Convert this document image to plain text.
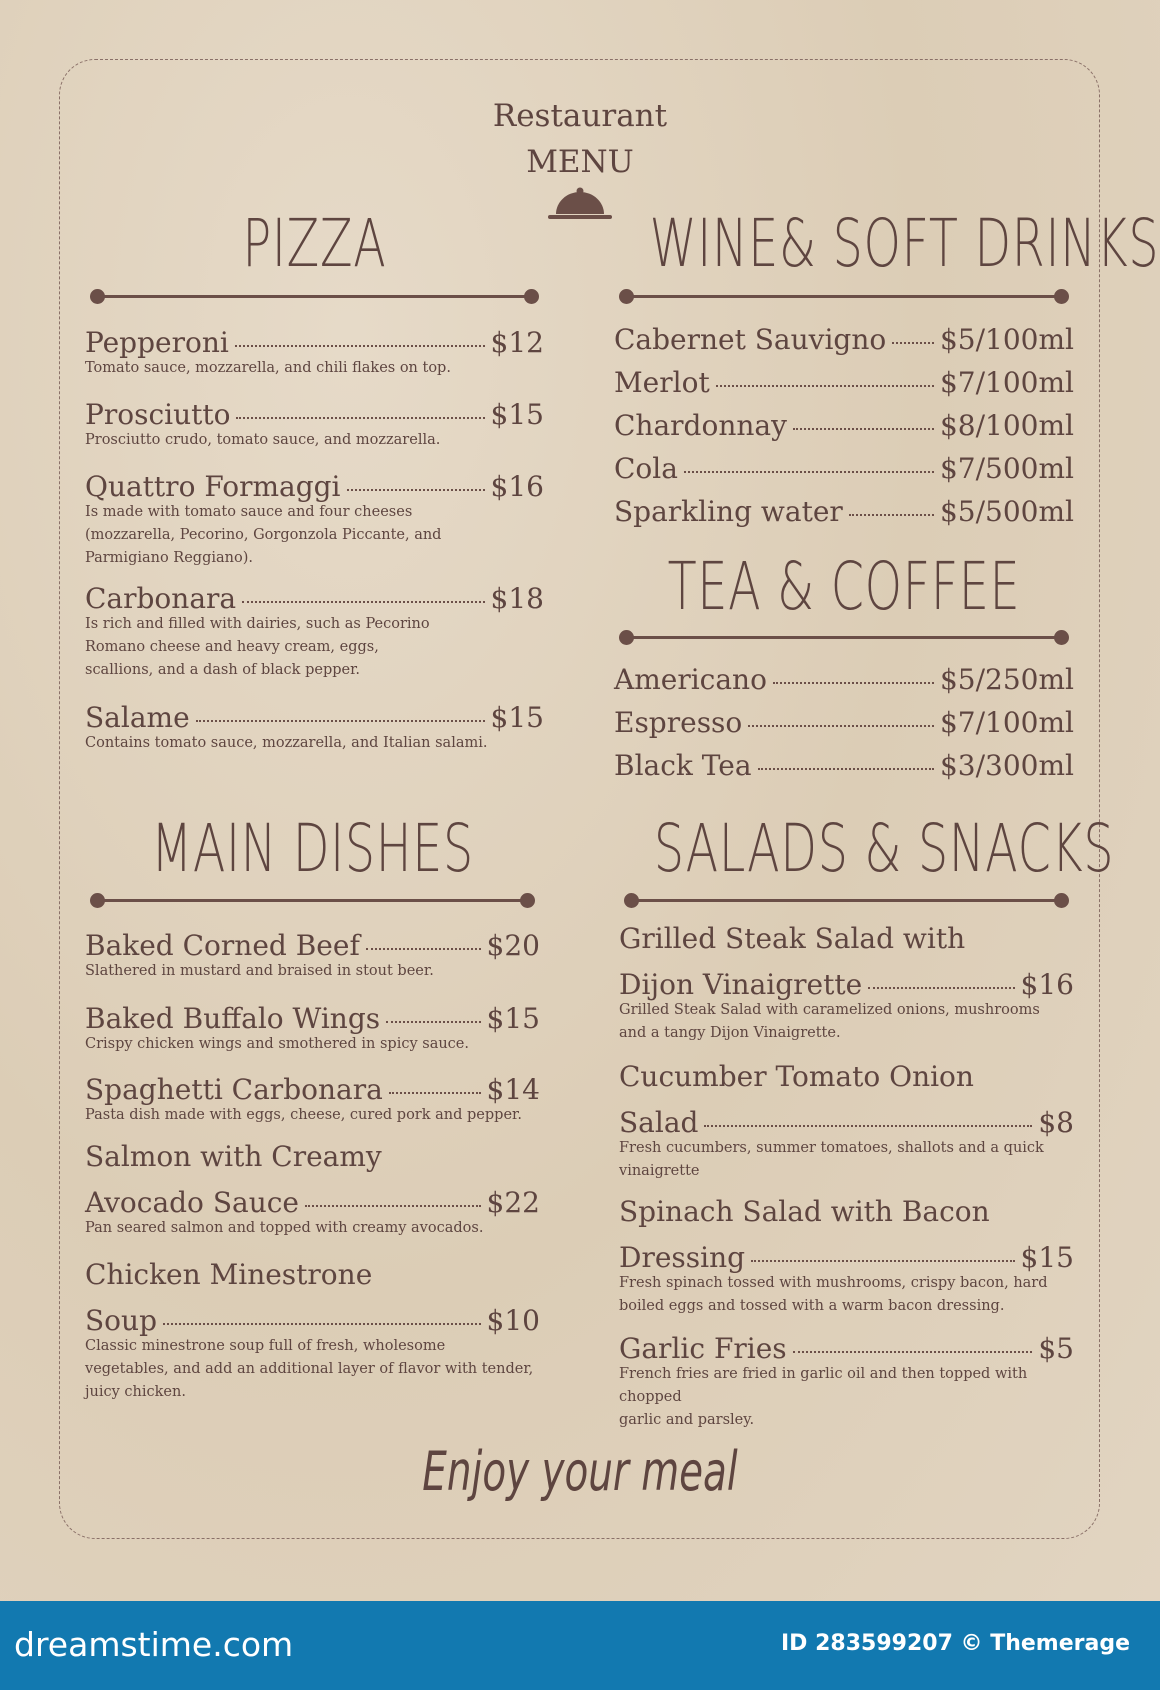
Restaurant
MENU
PIZZA
Pepperoni	$12
Tomato sauce, mozzarella, and chili flakes on top.
Prosciutto	$15
Prosciutto crudo, tomato sauce, and mozzarella.
Quattro Formaggi	$16
Is made with tomato sauce and four cheeses
(mozzarella, Pecorino, Gorgonzola Piccante, and
Parmigiano Reggiano).
Carbonara	$18
Is rich and filled with dairies, such as Pecorino
Romano cheese and heavy cream, eggs,
scallions, and a dash of black pepper.
Salame	$15
Contains tomato sauce, mozzarella, and Italian salami.
WINE& SOFT DRINKS
Cabernet Sauvigno $5/100ml
Merlot	$7/100ml
Chardonnay	$8/100ml
Cola	$7/500ml
Sparkling water	$5/500ml
TEA & COFFEE
Americano	$5/250ml
Espresso	$7/100ml
Black Tea	$3/300ml
MAIN DISHES
Baked Corned Beef	$20
Slathered in mustard and braised in stout beer.
Baked Buffalo Wings	$15
Crispy chicken wings and smothered in spicy sauce.
Spaghetti Carbonara	$14
Pasta dish made with eggs, cheese, cured pork and pepper.
Salmon with Creamy
Avocado Sauce	$22
Pan seared salmon and topped with creamy avocados.
Chicken Minestrone
Soup	$10
Classic minestrone soup full of fresh, wholesome
vegetables, and add an additional layer of flavor with tender,
juicy chicken.
SALADS & SNACKS
Grilled Steak Salad with
Dijon Vinaigrette	$16
Grilled Steak Salad with caramelized onions, mushrooms
and a tangy Dijon Vinaigrette.
Cucumber Tomato Onion
Salad	$8
Fresh cucumbers, summer tomatoes, shallots and a quick
vinaigrette
Spinach Salad with Bacon
Dressing	$15
Fresh spinach tossed with mushrooms, crispy bacon, hard
boiled eggs and tossed with a warm bacon dressing.
Garlic Fries	$5
French fries are fried in garlic oil and then topped with chopped
garlic and parsley.
Enjoy your meal
dreamstime.com	ID 283599207 © Themerage
